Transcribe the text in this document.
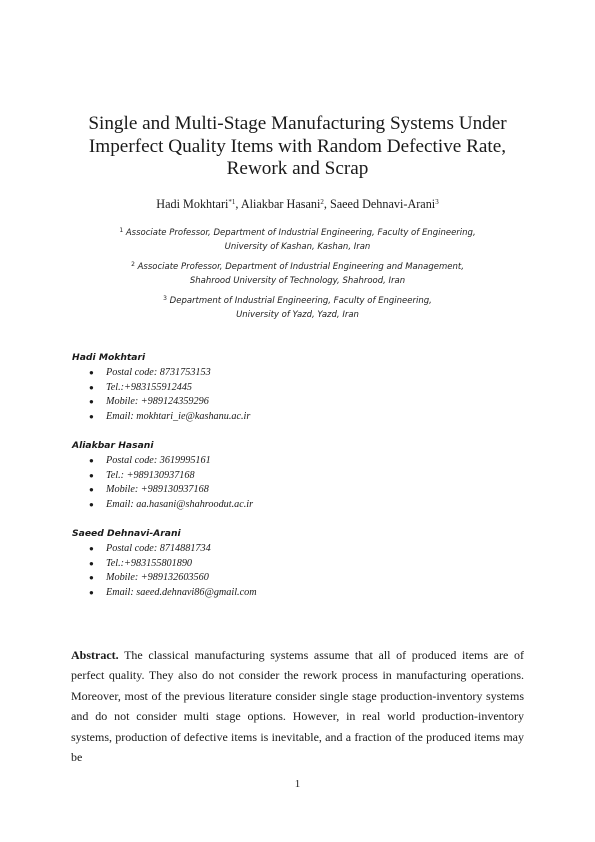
Single and Multi-Stage Manufacturing Systems Under Imperfect Quality Items with Random Defective Rate, Rework and Scrap
Hadi Mokhtari$^{*1}$, Aliakbar Hasani$^2$, Saeed Dehnavi-Arani$^3$
$^1$ Associate Professor, Department of Industrial Engineering, Faculty of Engineering,
University of Kashan, Kashan, Iran
$^2$ Associate Professor, Department of Industrial Engineering and Management,
Shahrood University of Technology, Shahrood, Iran
$^3$ Department of Industrial Engineering, Faculty of Engineering,
University of Yazd, Yazd, Iran
Hadi Mokhtari
● Postal code: 8731753153
● Tel.:+983155912445
● Mobile: +989124359296
● Email: mokhtari_ie@kashanu.ac.ir
Aliakbar Hasani
● Postal code: 3619995161
● Tel.: +989130937168
● Mobile: +989130937168
● Email: aa.hasani@shahroodut.ac.ir
Saeed Dehnavi-Arani
● Postal code: 8714881734
● Tel.:+983155801890
● Mobile: +989132603560
● Email: saeed.dehnavi86@gmail.com
Abstract. The classical manufacturing systems assume that all of produced items are of perfect quality. They also do not consider the rework process in manufacturing operations. Moreover, most of the previous literature consider single stage production-inventory systems and do not consider multi stage options. However, in real world production-inventory systems, production of defective items is inevitable, and a fraction of the produced items may be
1
